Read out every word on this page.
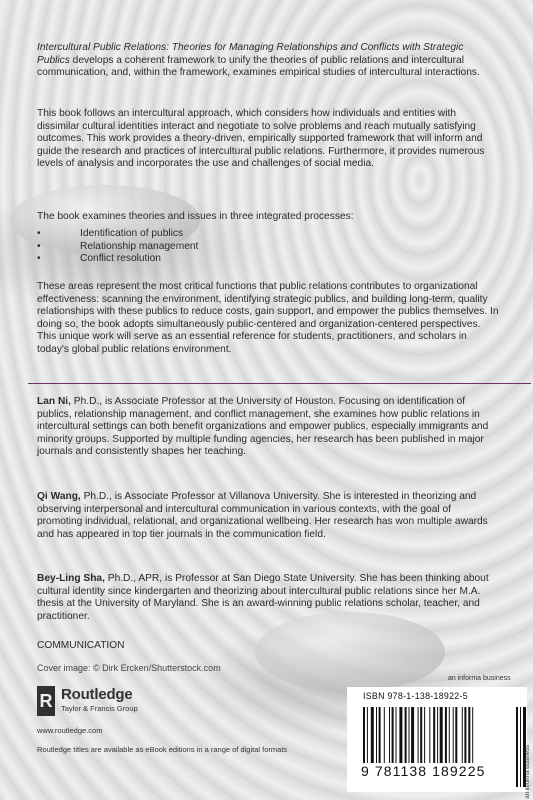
Intercultural Public Relations: Theories for Managing Relationships and Conflicts with Strategic Publics develops a coherent framework to unify the theories of public relations and intercultural communication, and, within the framework, examines empirical studies of intercultural interactions.
This book follows an intercultural approach, which considers how individuals and entities with dissimilar cultural identities interact and negotiate to solve problems and reach mutually satisfying outcomes. This work provides a theory-driven, empirically supported framework that will inform and guide the research and practices of intercultural public relations. Furthermore, it provides numerous levels of analysis and incorporates the use and challenges of social media.
The book examines theories and issues in three integrated processes:
• Identification of publics
• Relationship management
• Conflict resolution
These areas represent the most critical functions that public relations contributes to organizational effectiveness: scanning the environment, identifying strategic publics, and building long-term, quality relationships with these publics to reduce costs, gain support, and empower the publics themselves. In doing so, the book adopts simultaneously public-centered and organization-centered perspectives. This unique work will serve as an essential reference for students, practitioners, and scholars in today's global public relations environment.
Lan Ni, Ph.D., is Associate Professor at the University of Houston. Focusing on identification of publics, relationship management, and conflict management, she examines how public relations in intercultural settings can both benefit organizations and empower publics, especially immigrants and minority groups. Supported by multiple funding agencies, her research has been published in major journals and consistently shapes her teaching.
Qi Wang, Ph.D., is Associate Professor at Villanova University. She is interested in theorizing and observing interpersonal and intercultural communication in various contexts, with the goal of promoting individual, relational, and organizational wellbeing. Her research has won multiple awards and has appeared in top tier journals in the communication field.
Bey-Ling Sha, Ph.D., APR, is Professor at San Diego State University. She has been thinking about cultural identity since kindergarten and theorizing about intercultural public relations since her M.A. thesis at the University of Maryland. She is an award-winning public relations scholar, teacher, and practitioner.
COMMUNICATION
Cover image: © Dirk Ercken/Shutterstock.com
R Routledge
Taylor & Francis Group
www.routledge.com
Routledge titles are available as eBook editions in a range of digital formats
an informa business
ISBN 978-1-138-18922-5
9 781138 189225	an informa business
